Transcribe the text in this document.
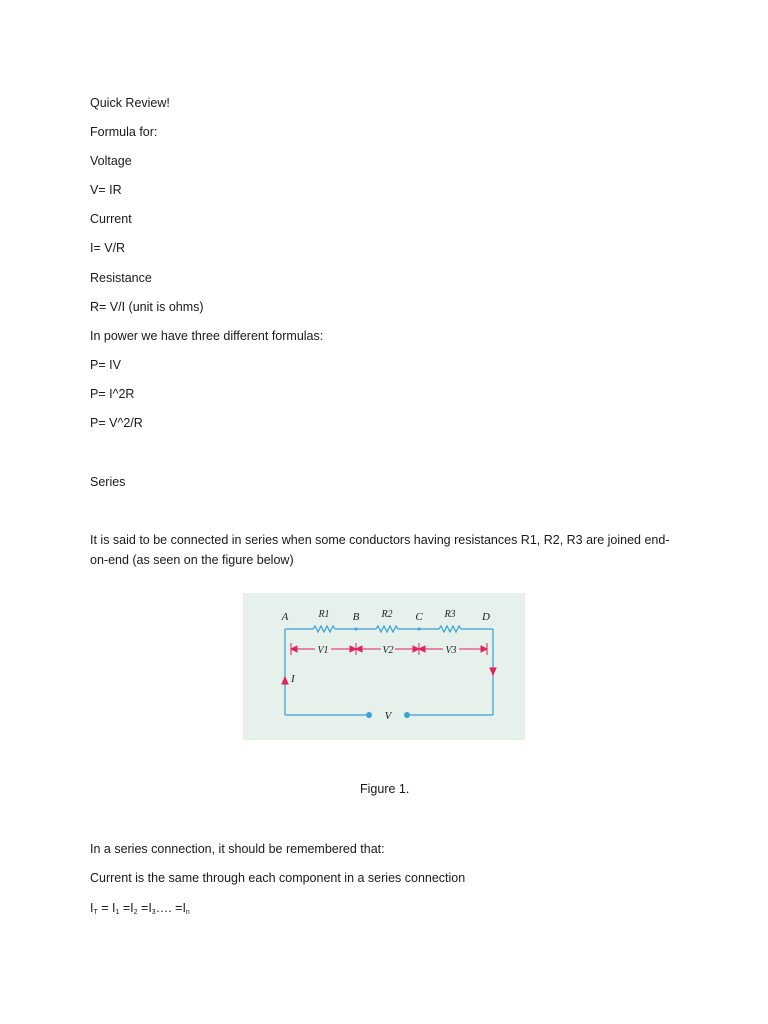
Quick Review!
Formula for:
Voltage
V= IR
Current
I= V/R
Resistance
R= V/I (unit is ohms)
In power we have three different formulas:
P= IV
P= I^2R
P= V^2/R
Series
It is said to be connected in series when some conductors having resistances R1, R2, R3 are joined end-on-end (as seen on the figure below)
A	B	C	D
R1	R2	R3
V1	V2	V3
I
V
Figure 1.
In a series connection, it should be remembered that:
Current is the same through each component in a series connection
$I_T = I_1 =I_2$ $=I_3\dots$. $=I_n$
